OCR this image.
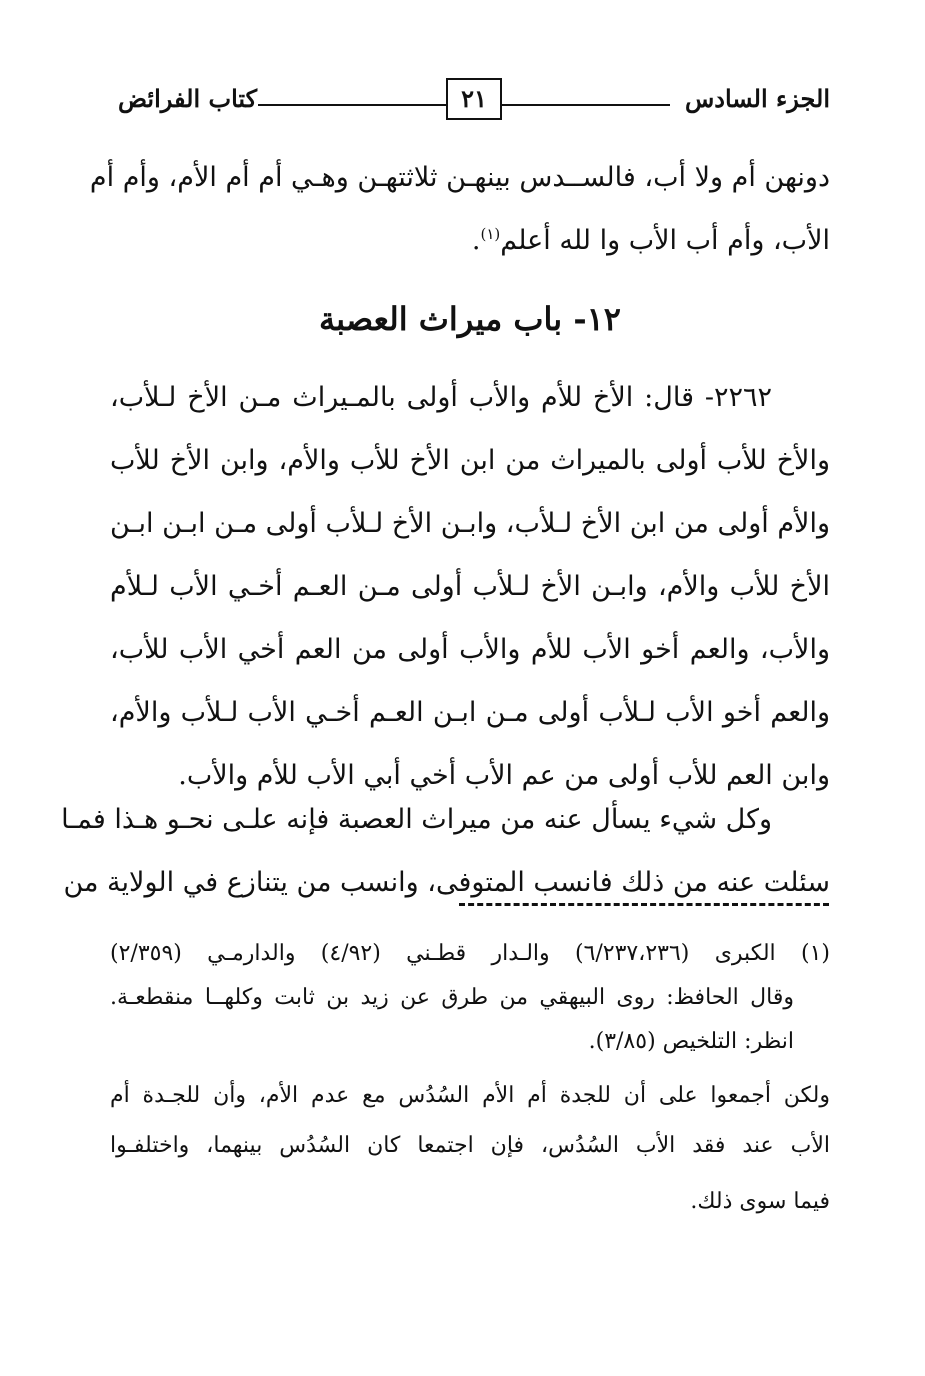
الجزء السادس
٢١
كتاب الفرائض
دونهن أم ولا أب، فالســدس بينهـن ثلاثتهـن وهـي أم أم الأم، وأم أم
الأب، وأم أب الأب وا لله أعلم$^{(١)}$.
١٢- باب ميراث العصبة
٢٢٦٢- قال: الأخ للأم والأب أولى بالمـيراث مـن الأخ لـلأب،
والأخ للأب أولى بالميراث من ابن الأخ للأب والأم، وابن الأخ للأب
والأم أولى من ابن الأخ لـلأب، وابـن الأخ لـلأب أولى مـن ابـن ابـن
الأخ للأب والأم، وابـن الأخ لـلأب أولى مـن العـم أخـي الأب لـلأم
والأب، والعم أخو الأب للأم والأب أولى من العم أخي الأب للأب،
والعم أخو الأب لـلأب أولى مـن ابـن العـم أخـي الأب لـلأب والأم،
وابن العم للأب أولى من عم الأب أخي أبي الأب للأم والأب.
وكل شيء يسأل عنه من ميراث العصبة فإنه علـى نحـو هـذا فمـا
سئلت عنه من ذلك فانسب المتوفى، وانسب من يتنازع في الولاية من
(١) الكبرى (٦/٢٣٧،٢٣٦) والـدار قطـني (٤/٩٢) والدارمـي (٢/٣٥٩)
وقال الحافظ: روى البيهقي من طرق عن زيد بن ثابت وكلهــا منقطعـة.
انظر: التلخيص (٣/٨٥).
ولكن أجمعوا على أن للجدة أم الأم السُدُس مع عدم الأم، وأن للجـدة أم
الأب عند فقد الأب السُدُس، فإن اجتمعا كان السُدُس بينهما، واختلفـوا
فيما سوى ذلك.
